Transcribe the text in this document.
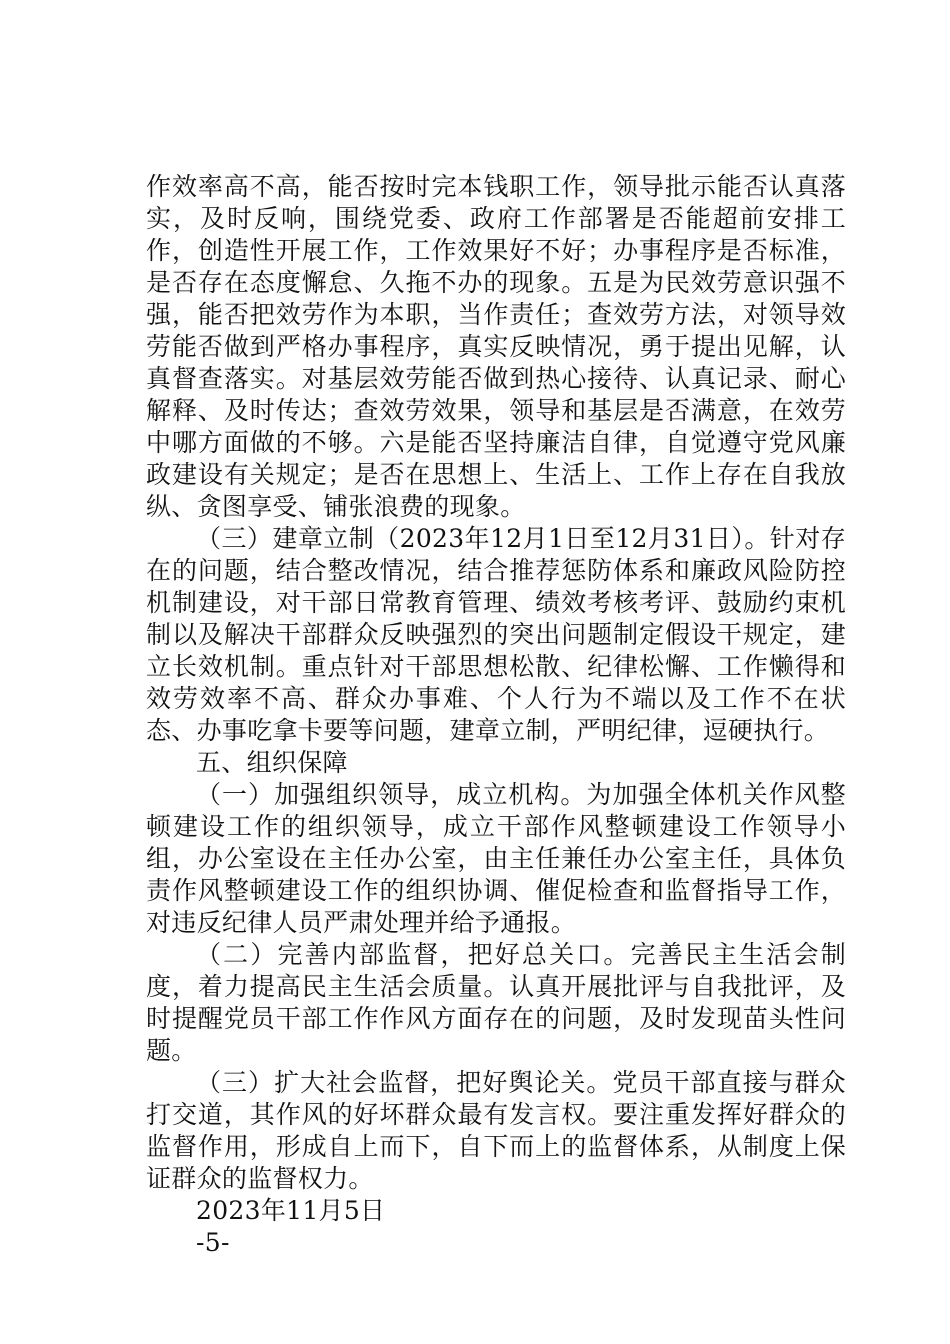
作效率高不高，能否按时完本钱职工作，领导批示能否认真落实，及时反响，围绕党委、政府工作部署是否能超前安排工作，创造性开展工作，工作效果好不好；办事程序是否标准，是否存在态度懈怠、久拖不办的现象。五是为民效劳意识强不强，能否把效劳作为本职，当作责任；查效劳方法，对领导效劳能否做到严格办事程序，真实反映情况，勇于提出见解，认真督查落实。对基层效劳能否做到热心接待、认真记录、耐心解释、及时传达；查效劳效果，领导和基层是否满意，在效劳中哪方面做的不够。六是能否坚持廉洁自律，自觉遵守党风廉政建设有关规定；是否在思想上、生活上、工作上存在自我放纵、贪图享受、铺张浪费的现象。

（三）建章立制（2023年12月1日至12月31日）。针对存在的问题，结合整改情况，结合推荐惩防体系和廉政风险防控机制建设，对干部日常教育管理、绩效考核考评、鼓励约束机制以及解决干部群众反映强烈的突出问题制定假设干规定，建立长效机制。重点针对干部思想松散、纪律松懈、工作懒得和效劳效率不高、群众办事难、个人行为不端以及工作不在状态、办事吃拿卡要等问题，建章立制，严明纪律，逗硬执行。

五、组织保障

（一）加强组织领导，成立机构。为加强全体机关作风整顿建设工作的组织领导，成立干部作风整顿建设工作领导小组，办公室设在主任办公室，由主任兼任办公室主任，具体负责作风整顿建设工作的组织协调、催促检查和监督指导工作，对违反纪律人员严肃处理并给予通报。

（二）完善内部监督，把好总关口。完善民主生活会制度，着力提高民主生活会质量。认真开展批评与自我批评，及时提醒党员干部工作作风方面存在的问题，及时发现苗头性问题。

（三）扩大社会监督，把好舆论关。党员干部直接与群众打交道，其作风的好坏群众最有发言权。要注重发挥好群众的监督作用，形成自上而下，自下而上的监督体系，从制度上保证群众的监督权力。

2023年11月5日

-5-
